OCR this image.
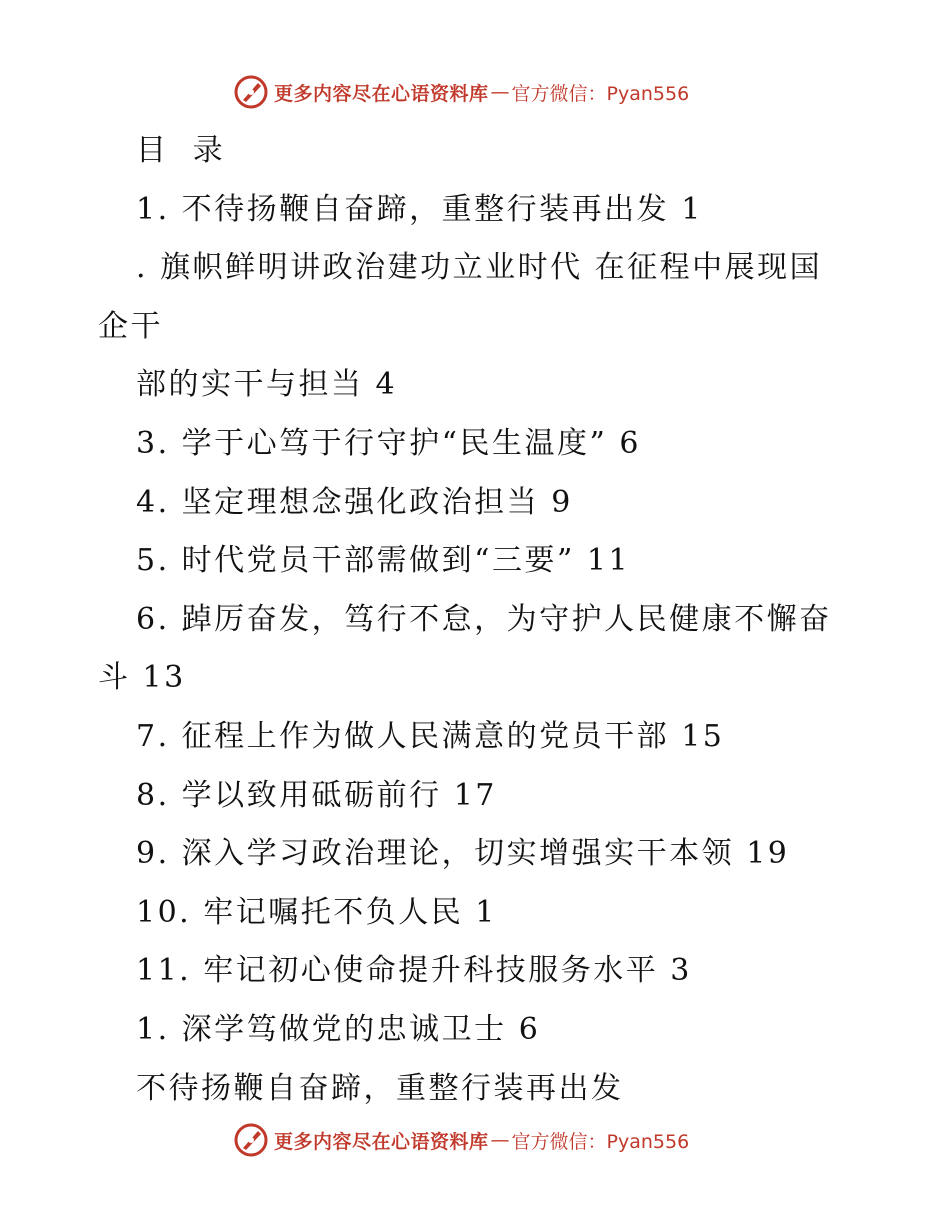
更多内容尽在心语资料库 — 官方微信：Pyan556
目  录
1. 不待扬鞭自奋蹄，重整行装再出发 1
. 旗帜鲜明讲政治建功立业时代 在征程中展现国企干
部的实干与担当 4
3. 学于心笃于行守护“民生温度” 6
4. 坚定理想念强化政治担当 9
5. 时代党员干部需做到“三要” 11
6. 踔厉奋发，笃行不怠，为守护人民健康不懈奋斗 13
7. 征程上作为做人民满意的党员干部 15
8. 学以致用砥砺前行 17
9. 深入学习政治理论，切实增强实干本领 19
10. 牢记嘱托不负人民 1
11. 牢记初心使命提升科技服务水平 3
1. 深学笃做党的忠诚卫士 6
不待扬鞭自奋蹄，重整行装再出发
更多内容尽在心语资料库 — 官方微信：Pyan556
